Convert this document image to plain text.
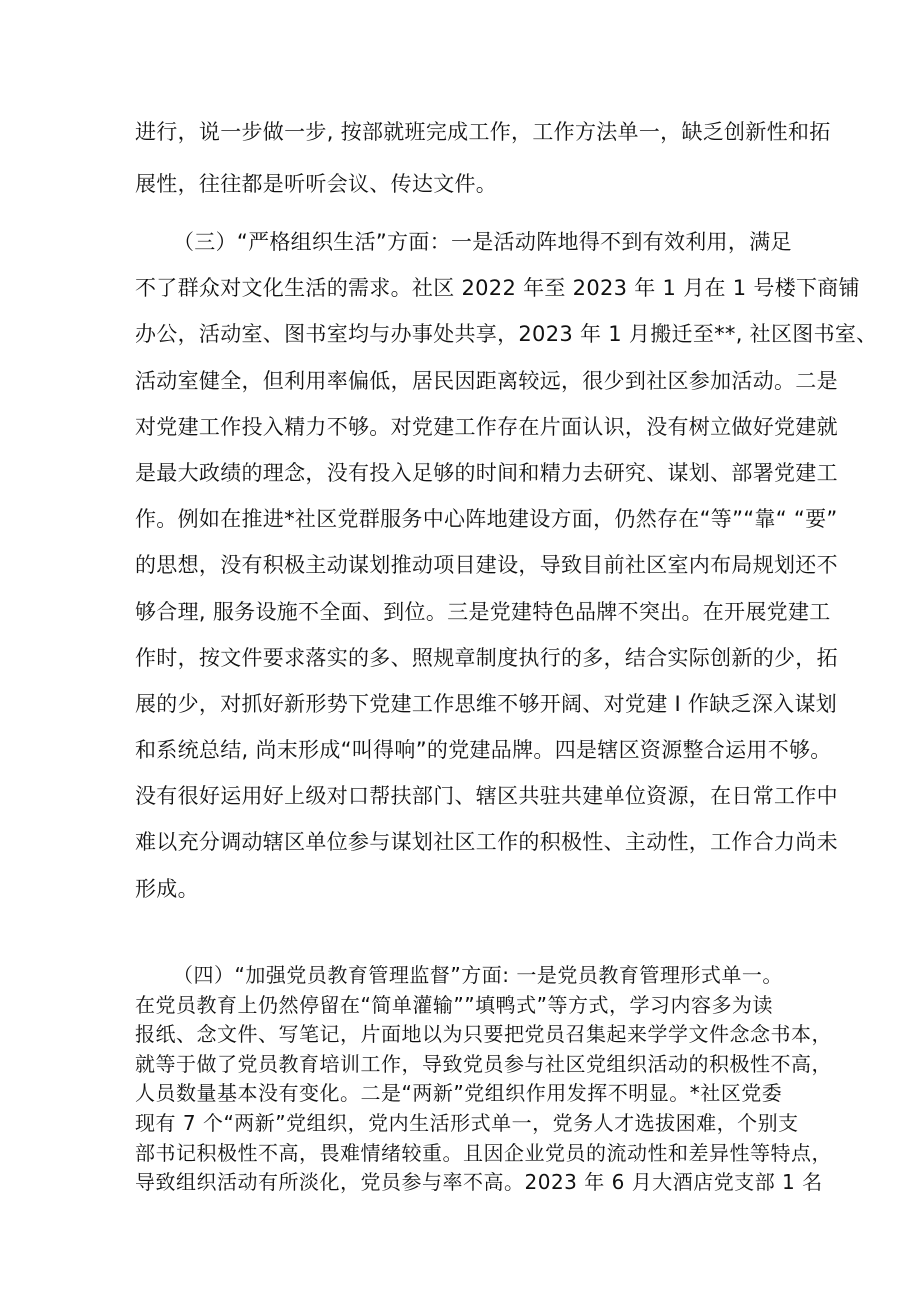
进行，说一步做一步, 按部就班完成工作，工作方法单一，缺乏创新性和拓
展性，往往都是听听会议、传达文件。
（三）“严格组织生活”方面：一是活动阵地得不到有效利用，满足
不了群众对文化生活的需求。社区 2022 年至 2023 年 1 月在 1 号楼下商铺
办公，活动室、图书室均与办事处共享，2023 年 1 月搬迁至**, 社区图书室、
活动室健全，但利用率偏低，居民因距离较远，很少到社区参加活动。二是
对党建工作投入精力不够。对党建工作存在片面认识，没有树立做好党建就
是最大政绩的理念，没有投入足够的时间和精力去研究、谋划、部署党建工
作。例如在推进*社区党群服务中心阵地建设方面，仍然存在“等”“靠“ “要”
的思想，没有积极主动谋划推动项目建设，导致目前社区室内布局规划还不
够合理, 服务设施不全面、到位。三是党建特色品牌不突出。在开展党建工
作时，按文件要求落实的多、照规章制度执行的多，结合实际创新的少，拓
展的少，对抓好新形势下党建工作思维不够开阔、对党建 I 作缺乏深入谋划
和系统总结, 尚末形成“叫得响”的党建品牌。四是辖区资源整合运用不够。
没有很好运用好上级对口帮扶部门、辖区共驻共建单位资源，在日常工作中
难以充分调动辖区单位参与谋划社区工作的积极性、主动性，工作合力尚未
形成。
（四）“加强党员教育管理监督”方面: 一是党员教育管理形式单一。
在党员教育上仍然停留在“简单灌输””填鸭式”等方式，学习内容多为读
报纸、念文件、写笔记，片面地以为只要把党员召集起来学学文件念念书本，
就等于做了党员教育培训工作，导致党员参与社区党组织活动的积极性不高，
人员数量基本没有变化。二是“两新”党组织作用发挥不明显。*社区党委
现有 7 个“两新”党组织，党内生活形式单一，党务人才选拔困难，个别支
部书记积极性不高，畏难情绪较重。且因企业党员的流动性和差异性等特点，
导致组织活动有所淡化，党员参与率不高。2023 年 6 月大酒店党支部 1 名
